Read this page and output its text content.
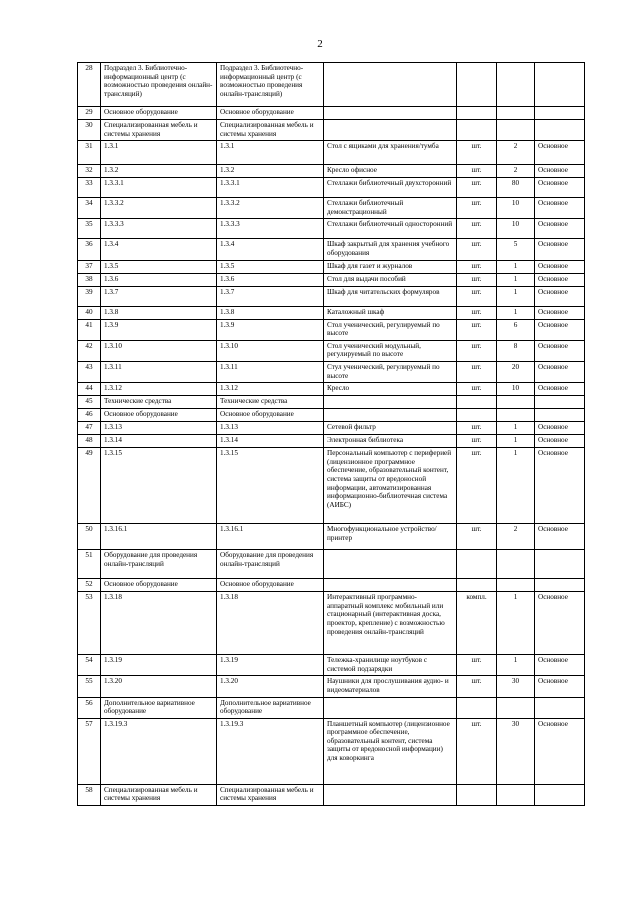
2
28	Подраздел 3. Библиотечно-информационный центр (с возможностью проведения онлайн-трансляций)	Подраздел 3. Библиотечно-информационный центр (с возможностью проведения онлайн-трансляций)				
29	Основное оборудование	Основное оборудование				
30	Специализированная мебель и системы хранения	Специализированная мебель и системы хранения				
31	1.3.1	1.3.1	Стол с ящиками для хранения/тумба	шт.	2	Основное
32	1.3.2	1.3.2	Кресло офисное	шт.	2	Основное
33	1.3.3.1	1.3.3.1	Стеллажи библиотечный двухсторонний	шт.	80	Основное
34	1.3.3.2	1.3.3.2	Стеллажи библиотечный демонстрационный	шт.	10	Основное
35	1.3.3.3	1.3.3.3	Стеллажи библиотечный односторонний	шт.	10	Основное
36	1.3.4	1.3.4	Шкаф закрытый для хранения учебного оборудования	шт.	5	Основное
37	1.3.5	1.3.5	Шкаф для газет и журналов	шт.	1	Основное
38	1.3.6	1.3.6	Стол для выдачи пособий	шт.	1	Основное
39	1.3.7	1.3.7	Шкаф для читательских формуляров	шт.	1	Основное
40	1.3.8	1.3.8	Каталожный шкаф	шт.	1	Основное
41	1.3.9	1.3.9	Стол ученический, регулируемый по высоте	шт.	6	Основное
42	1.3.10	1.3.10	Стол ученический модульный, регулируемый по высоте	шт.	8	Основное
43	1.3.11	1.3.11	Стул ученический, регулируемый по высоте	шт.	20	Основное
44	1.3.12	1.3.12	Кресло	шт.	10	Основное
45	Технические средства	Технические средства				
46	Основное оборудование	Основное оборудование				
47	1.3.13	1.3.13	Сетевой фильтр	шт.	1	Основное
48	1.3.14	1.3.14	Электронная библиотека	шт.	1	Основное
49	1.3.15	1.3.15	Персональный компьютер с периферией (лицензионное программное обеспечение, образовательный контент, система защиты от вредоносной информации, автоматизированная информационно-библиотечная система (АИБС)	шт.	1	Основное
50	1.3.16.1	1.3.16.1	Многофункциональное устройство/принтер	шт.	2	Основное
51	Оборудование для проведения онлайн-трансляций	Оборудование для проведения онлайн-трансляций				
52	Основное оборудование	Основное оборудование				
53	1.3.18	1.3.18	Интерактивный программно-аппаратный комплекс мобильный или стационарный (интерактивная доска, проектор, крепление) с возможностью проведения онлайн-трансляций	компл.	1	Основное
54	1.3.19	1.3.19	Тележка-хранилище ноутбуков с системой подзарядки	шт.	1	Основное
55	1.3.20	1.3.20	Наушники для прослушивания аудио- и видеоматериалов	шт.	30	Основное
56	Дополнительное вариативное оборудование	Дополнительное вариативное оборудование				
57	1.3.19.3	1.3.19.3	Планшетный компьютер (лицензионное программное обеспечение, образовательный контент, система защиты от вредоносной информации) для коворкинга	шт.	30	Основное
58	Специализированная мебель и системы хранения	Специализированная мебель и системы хранения				
